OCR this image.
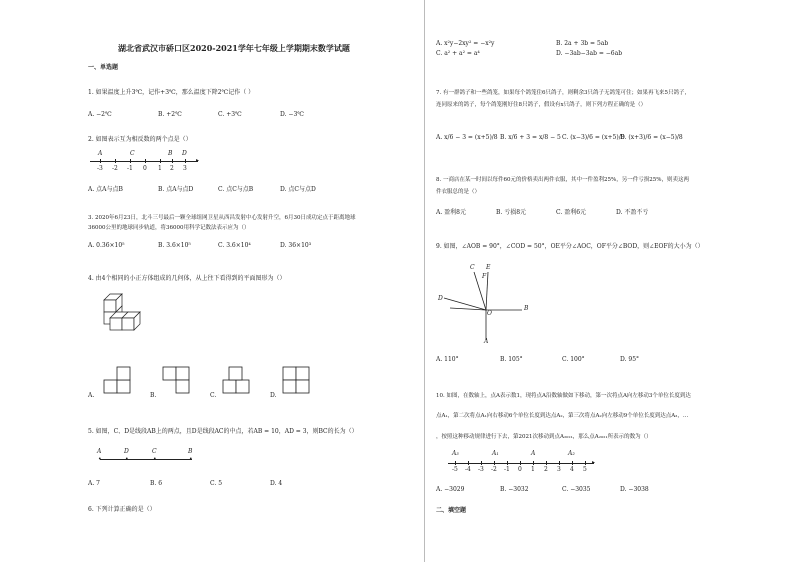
湖北省武汉市硚口区2020-2021学年七年级上学期期末数学试题
一、单选题
1. 如果温度上升3℃，记作+3℃，那么温度下降2℃记作（ ）
A. −2℃	B. +2℃	C. +3℃	D. −3℃
2. 如图表示互为相反数的两个点是（）
▸
A	C	B D
-3 -2 -1 0 1 2 3
A. 点A与点B	B. 点A与点D	C. 点C与点B	D. 点C与点D
3. 2020年6月23日，北斗三号最后一颗全球组网卫星从西昌发射中心发射升空，6月30日成功定点于距离地球
36000公里的地球同步轨道，将36000用科学记数法表示应为（）
A. 0.36×10⁵	B. 3.6×10⁵	C. 3.6×10⁴	D. 36×10³
4. 由4个相同的小正方体组成的几何体，从上往下看得到的平面图形为（）
A.	B.	C.	D.
5. 如图，C、D是线段AB上的两点，且D是线段AC的中点，若AB = 10，AD = 3，则BC的长为（）
•	•	•	•
A	D	C	B
A. 7	B. 6	C. 5	D. 4
6. 下列计算正确的是（）
A. x²y−2xy² = −x²y	B. 2a + 3b = 5ab
C. a² + a² = a⁴	D. −3ab−3ab = −6ab
7. 有一群鸽子和一些鸽笼，如果每个鸽笼住6只鸽子，则剩余3只鸽子无鸽笼可住；如果再飞来5只鸽子，
连同原来的鸽子，每个鸽笼刚好住8只鸽子，假设有x只鸽子，则下列方程正确的是（）
A. x/6 − 3 = (x+5)/8 B. x/6 + 3 = x/8 − 5 C. (x−3)/6 = (x+5)/8
D. (x+3)/6 = (x−5)/8
8. 一商店在某一时间以每件60元的价格卖出两件衣服，其中一件盈利25%，另一件亏损25%，则卖这两
件衣服总的是（）
A. 盈利8元	B. 亏损8元	C. 盈利6元	D. 不盈不亏
9. 如图，∠AOB = 90°，∠COD = 50°，OE平分∠AOC，OF平分∠BOD，则∠EOF的大小为（）
C E
F
D
O
B
A
A. 110°	B. 105°	C. 100°	D. 95°
10. 如图，在数轴上，点A表示数1，现将点A沿数轴做如下移动，第一次将点A向左移动3个单位长度到达
点A₁，第二次将点A₁向右移动6个单位长度到达点A₂，第三次将点A₂向左移动9个单位长度到达点A₃，…
，按照这种移动规律进行下去，第2021次移动到点A₂₀₂₁，那么点A₂₀₂₁所表示的数为（）
▸
A₃	A₁	A	A₂
-5 -4 -3 -2 -1 0 1 2 3 4 5
A. −3029	B. −3032	C. −3035	D. −3038
二、填空题
